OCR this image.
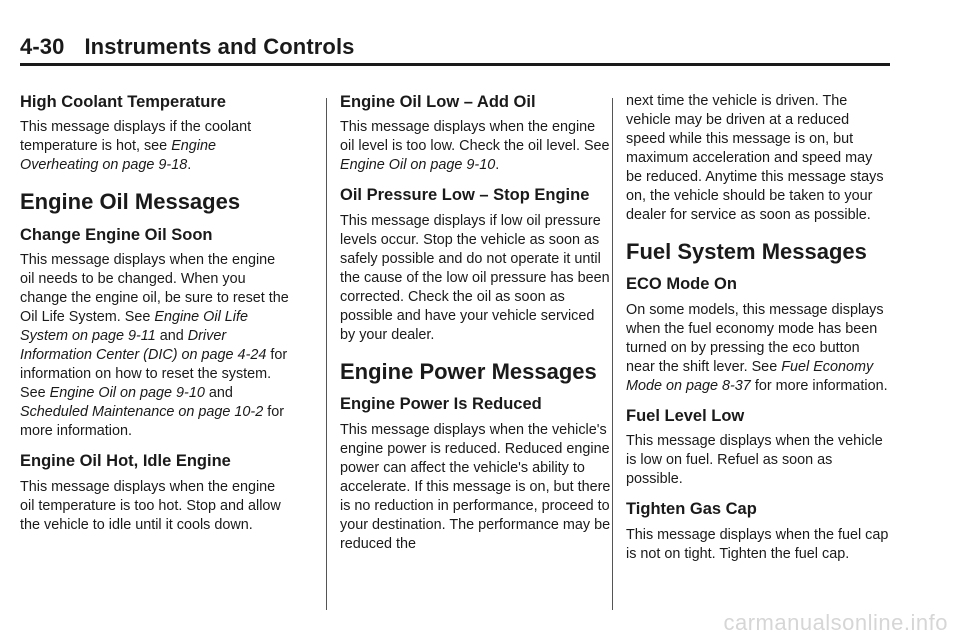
4-30 Instruments and Controls
High Coolant Temperature

This message displays if the coolant temperature is hot, see Engine Overheating on page 9‑18.

Engine Oil Messages
Change Engine Oil Soon

This message displays when the engine oil needs to be changed. When you change the engine oil, be sure to reset the Oil Life System. See Engine Oil Life System on page 9‑11 and Driver Information Center (DIC) on page 4‑24 for information on how to reset the system. See Engine Oil on page 9‑10 and Scheduled Maintenance on page 10‑2 for more information.

Engine Oil Hot, Idle Engine

This message displays when the engine oil temperature is too hot. Stop and allow the vehicle to idle until it cools down.

Engine Oil Low – Add Oil

This message displays when the engine oil level is too low. Check the oil level. See Engine Oil on page 9‑10.

Oil Pressure Low – Stop Engine

This message displays if low oil pressure levels occur. Stop the vehicle as soon as safely possible and do not operate it until the cause of the low oil pressure has been corrected. Check the oil as soon as possible and have your vehicle serviced by your dealer.

Engine Power Messages
Engine Power Is Reduced

This message displays when the vehicle's engine power is reduced. Reduced engine power can affect the vehicle's ability to accelerate. If this message is on, but there is no reduction in performance, proceed to your destination. The performance may be reduced the

next time the vehicle is driven. The vehicle may be driven at a reduced speed while this message is on, but maximum acceleration and speed may be reduced. Anytime this message stays on, the vehicle should be taken to your dealer for service as soon as possible.

Fuel System Messages
ECO Mode On

On some models, this message displays when the fuel economy mode has been turned on by pressing the eco button near the shift lever. See Fuel Economy Mode on page 8‑37 for more information.

Fuel Level Low

This message displays when the vehicle is low on fuel. Refuel as soon as possible.

Tighten Gas Cap

This message displays when the fuel cap is not on tight. Tighten the fuel cap.

carmanualsonline.info
